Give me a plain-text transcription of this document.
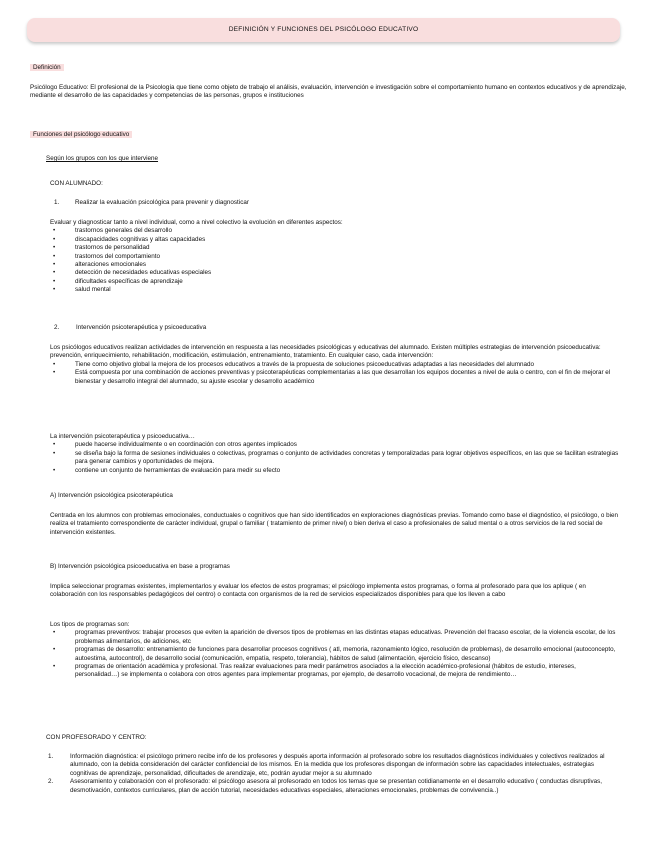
DEFINICIÓN Y FUNCIONES DEL PSICÓLOGO EDUCATIVO
Definición
Psicólogo Educativo: El profesional de la Psicología que tiene como objeto de trabajo el análisis, evaluación, intervención e investigación sobre el comportamiento humano en contextos educativos y de aprendizaje, mediante el desarrollo de las capacidades y competencias de las personas, grupos e instituciones
Funciones del psicólogo educativo
Según los grupos con los que interviene
CON ALUMNADO:
1. Realizar la evaluación psicológica para prevenir y diagnosticar
Evaluar y diagnosticar tanto a nivel individual, como a nivel colectivo la evolución en diferentes aspectos:
• trastornos generales del desarrollo
• discapacidades cognitivas y altas capacidades
• trastornos de personalidad
• trastornos del comportamiento
• alteraciones emocionales
• detección de necesidades educativas especiales
• dificultades específicas de aprendizaje
• salud mental
2.	Intervención psicoterapéutica y psicoeducativa
Los psicólogos educativos realizan actividades de intervención en respuesta a las necesidades psicológicas y educativas del alumnado. Existen múltiples estrategias de intervención psicoeducativa: prevención, enriquecimiento, rehabilitación, modificación, estimulación, entrenamiento, tratamiento. En cualquier caso, cada intervención:
• Tiene como objetivo global la mejora de los procesos educativos a través de la propuesta de soluciones psicoeducativas adaptadas a las necesidades del alumnado
• Está compuesta por una combinación de acciones preventivas y psicoterapéuticas complementarias a las que desarrollan los equipos docentes a nivel de aula o centro, con el fin de mejorar el bienestar y desarrollo integral del alumnado, su ajuste escolar y desarrollo académico
La intervención psicoterapéutica y psicoeducativa…
• puede hacerse individualmente o en coordinación con otros agentes implicados
• se diseña bajo la forma de sesiones individuales o colectivas, programas o conjunto de actividades concretas y temporalizadas para lograr objetivos específicos, en las que se facilitan estrategias para generar cambios y oportunidades de mejora.
• contiene un conjunto de herramientas de evaluación para medir su efecto
A) Intervención psicológica psicoterapéutica
Centrada en los alumnos con problemas emocionales, conductuales o cognitivos que han sido identificados en exploraciones diagnósticas previas. Tomando como base el diagnóstico, el psicólogo, o bien realiza el tratamiento correspondiente de carácter individual, grupal o familiar ( tratamiento de primer nivel) o bien deriva el caso a profesionales de salud mental o a otros servicios de la red social de intervención existentes.
B) Intervención psicológica psicoeducativa en base a programas
Implica seleccionar programas existentes, implementarlos y evaluar los efectos de estos programas; el psicólogo implementa estos programas, o forma al profesorado para que los aplique ( en colaboración con los responsables pedagógicos del centro) o contacta con organismos de la red de servicios especializados disponibles para que los lleven a cabo
Los tipos de programas son:
• programas preventivos: trabajar procesos que eviten la aparición de diversos tipos de problemas en las distintas etapas educativas. Prevención del fracaso escolar, de la violencia escolar, de los problemas alimentarios, de adiciones, etc
• programas de desarrollo: entrenamiento de funciones para desarrollar procesos cognitivos ( atl, memoria, razonamiento lógico, resolución de problemas), de desarrollo emocional (autoconcepto, autoestima, autocontrol), de desarrollo social (comunicación, empatía, respeto, tolerancia), hábitos de salud (alimentación, ejercicio físico, descanso)
• programas de orientación académica y profesional. Tras realizar evaluaciones para medir parámetros asociados a la elección académico-profesional (hábitos de estudio, intereses, personalidad…) se implementa o colabora con otros agentes para implementar programas, por ejemplo, de desarrollo vocacional, de mejora de rendimiento…
CON PROFESORADO Y CENTRO:
1.	Información diagnóstica: el psicólogo primero recibe info de los profesores y después aporta información al profesorado sobre los resultados diagnósticos individuales y colectivos realizados al alumnado, con la debida consideración del carácter confidencial de los mismos. En la medida que los profesores dispongan de información sobre las capacidades intelectuales, estrategias cognitivas de aprendizaje, personalidad, dificultades de arendizaje, etc, podrán ayudar mejor a su alumnado
2.	Asesoramiento y colaboración con el profesorado: el psicólogo asesora al profesorado en todos los temas que se presentan cotidianamente en el desarrollo educativo ( conductas disruptivas, desmotivación, contextos curriculares, plan de acción tutorial, necesidades educativas especiales, alteraciones emocionales, problemas de convivencia..)
